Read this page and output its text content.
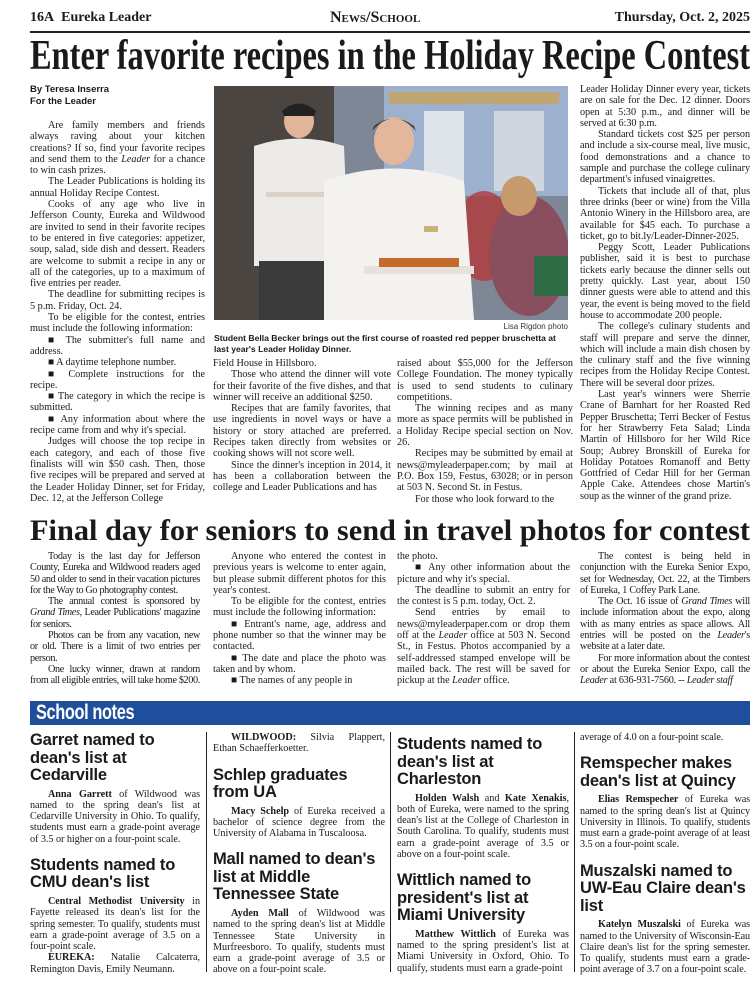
16A Eureka Leader	News/School	Thursday, Oct. 2, 2025
Enter favorite recipes in the Holiday Recipe Contest

By Teresa Inserra
For the Leader

Are family members and friends always raving about your kitchen creations? If so, find your favorite recipes and send them to the Leader for a chance to win cash prizes.

The Leader Publications is holding its annual Holiday Recipe Contest.

Cooks of any age who live in Jefferson County, Eureka and Wildwood are invited to send in their favorite recipes to be entered in five categories: appetizer, soup, salad, side dish and dessert. Readers are welcome to submit a recipe in any or all of the categories, up to a maximum of five entries per reader.

The deadline for submitting recipes is 5 p.m. Friday, Oct. 24.

To be eligible for the contest, entries must include the following information:

■ The submitter's full name and address.

■ A daytime telephone number.

■ Complete instructions for the recipe.

■ The category in which the recipe is submitted.

■ Any information about where the recipe came from and why it's special.

Judges will choose the top recipe in each category, and each of those five finalists will win $50 cash. Then, those five recipes will be prepared and served at the Leader Holiday Dinner, set for Friday, Dec. 12, at the Jefferson College

Lisa Rigdon photo
Student Bella Becker brings out the first course of roasted red pepper bruschetta at last year's Leader Holiday Dinner.

Field House in Hillsboro.

Those who attend the dinner will vote for their favorite of the five dishes, and that winner will receive an additional $250.

Recipes that are family favorites, that use ingredients in novel ways or have a history or story attached are preferred. Recipes taken directly from websites or cooking shows will not score well.

Since the dinner's inception in 2014, it has been a collaboration between the college and Leader Publications and has

raised about $55,000 for the Jefferson College Foundation. The money typically is used to send students to culinary competitions.

The winning recipes and as many more as space permits will be published in a Holiday Recipe special section on Nov. 26.

Recipes may be submitted by email at news@myleaderpaper.com; by mail at P.O. Box 159, Festus, 63028; or in person at 503 N. Second St. in Festus.

For those who look forward to the

Leader Holiday Dinner every year, tickets are on sale for the Dec. 12 dinner. Doors open at 5:30 p.m., and dinner will be served at 6:30 p.m.

Standard tickets cost $25 per person and include a six-course meal, live music, food demonstrations and a chance to sample and purchase the college culinary department's infused vinaigrettes.

Tickets that include all of that, plus three drinks (beer or wine) from the Villa Antonio Winery in the Hillsboro area, are available for $45 each. To purchase a ticket, go to bit.ly/Leader-Dinner-2025.

Peggy Scott, Leader Publications publisher, said it is best to purchase tickets early because the dinner sells out pretty quickly. Last year, about 150 dinner guests were able to attend and this year, the event is being moved to the field house to accommodate 200 people.

The college's culinary students and staff will prepare and serve the dinner, which will include a main dish chosen by the culinary staff and the five winning recipes from the Holiday Recipe Contest. There will be several door prizes.

Last year's winners were Sherrie Crane of Barnhart for her Roasted Red Pepper Bruschetta; Terri Becker of Festus for her Strawberry Feta Salad; Linda Martin of Hillsboro for her Wild Rice Soup; Aubrey Bronskill of Eureka for Holiday Potatoes Romanoff and Betty Gottfried of Cedar Hill for her German Apple Cake. Attendees chose Martin's soup as the winner of the grand prize.

Final day for seniors to send in travel photos for contest

Today is the last day for Jefferson County, Eureka and Wildwood readers aged 50 and older to send in their vacation pictures for the Way to Go photography contest.

The annual contest is sponsored by Grand Times, Leader Publications' magazine for seniors.

Photos can be from any vacation, new or old. There is a limit of two entries per person.

One lucky winner, drawn at random from all eligible entries, will take home $200.

Anyone who entered the contest in previous years is welcome to enter again, but please submit different photos for this year's contest.

To be eligible for the contest, entries must include the following information:

■ Entrant's name, age, address and phone number so that the winner may be contacted.

■ The date and place the photo was taken and by whom.

■ The names of any people in

the photo.

■ Any other information about the picture and why it's special.

The deadline to submit an entry for the contest is 5 p.m. today, Oct. 2.

Send entries by email to news@myleaderpaper.com or drop them off at the Leader office at 503 N. Second St., in Festus. Photos accompanied by a self-addressed stamped envelope will be mailed back. The rest will be saved for pickup at the Leader office.

The contest is being held in conjunction with the Eureka Senior Expo, set for Wednesday, Oct. 22, at the Timbers of Eureka, 1 Coffey Park Lane.

The Oct. 16 issue of Grand Times will include information about the expo, along with as many entries as space allows. All entries will be posted on the Leader's website at a later date.

For more information about the contest or about the Eureka Senior Expo, call the Leader at 636-931-7560. -- Leader staff

School notes
Garret named to dean's list at Cedarville

Anna Garrett of Wildwood was named to the spring dean's list at Cedarville University in Ohio. To qualify, students must earn a grade-point average of 3.5 or higher on a four-point scale.

Students named to CMU dean's list

Central Methodist University in Fayette released its dean's list for the spring semester. To qualify, students must earn a grade-point average of 3.5 on a four-point scale.

EUREKA: Natalie Calcaterra, Remington Davis, Emily Neumann.

WILDWOOD: Silvia Plappert, Ethan Schaefferkoetter.

Schlep graduates from UA

Macy Schelp of Eureka received a bachelor of science degree from the University of Alabama in Tuscaloosa.

Mall named to dean's list at Middle Tennessee State

Ayden Mall of Wildwood was named to the spring dean's list at Middle Tennessee State University in Murfreesboro. To qualify, students must earn a grade-point average of 3.5 or above on a four-point scale.

Students named to dean's list at Charleston

Holden Walsh and Kate Xenakis, both of Eureka, were named to the spring dean's list at the College of Charleston in South Carolina. To qualify, students must earn a grade-point average of 3.5 or above on a four-point scale.

Wittlich named to president's list at Miami University

Matthew Wittlich of Eureka was named to the spring president's list at Miami University in Oxford, Ohio. To qualify, students must earn a grade-point

average of 4.0 on a four-point scale.

Remspecher makes dean's list at Quincy

Elias Remspecher of Eureka was named to the spring dean's list at Quincy University in Illinois. To qualify, students must earn a grade-point average of at least 3.5 on a four-point scale.

Muszalski named to UW-Eau Claire dean's list

Katelyn Muszalski of Eureka was named to the University of Wisconsin-Eau Claire dean's list for the spring semester. To qualify, students must earn a grade-point average of 3.7 on a four-point scale.
